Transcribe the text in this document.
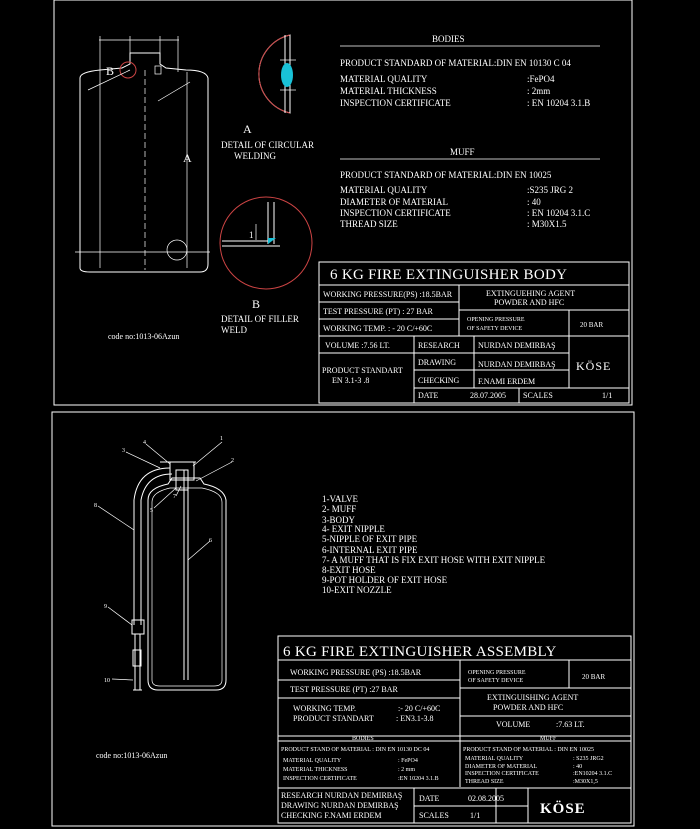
B
A
A
DETAIL OF CIRCULAR
WELDING
1
B
DETAIL OF FILLER
WELD
code no:1013-06Azun
BODIES
PRODUCT STANDARD OF MATERIAL:DIN EN 10130 C 04
MATERIAL QUALITY	:FePO4
MATERIAL THICKNESS	: 2mm
INSPECTION CERTIFICATE	: EN 10204 3.1.B
MUFF
PRODUCT STANDARD OF MATERIAL:DIN EN 10025
MATERIAL QUALITY	:S235 JRG 2
DIAMETER OF MATERIAL	: 40
INSPECTION CERTIFICATE	: EN 10204 3.1.C
THREAD SIZE	: M30X1.5
6 KG FIRE EXTINGUISHER BODY
WORKING PRESSURE(PS) :18.5BAR
TEST PRESSURE (PT) : 27 BAR
WORKING TEMP. : - 20 C/+60C
EXTINGUEHING AGENT
POWDER AND HFC
OPENING PRESSURE
OF SAFETY DEVICE	20 BAR
VOLUME :7.56 LT.
PRODUCT STANDART
EN 3.1-3 .8
RESEARCH NURDAN DEMIRBAŞ
DRAWING	NURDAN DEMIRBAŞ
CHECKING F.NAMI ERDEM
KÖSE
DATE	28.07.2005 SCALES	1/1
1
2
3
4
5
6
7
8
9
10
1-VALVE
2- MUFF
3-BODY
4- EXIT NIPPLE
5-NIPPLE OF EXIT PIPE
6-INTERNAL EXIT PIPE
7- A MUFF THAT IS FIX EXIT HOSE WITH EXIT NIPPLE
8-EXIT HOSE
9-POT HOLDER OF EXIT HOSE
10-EXIT NOZZLE
code no:1013-06Azun
6 KG FIRE EXTINGUISHER ASSEMBLY
WORKING PRESSURE (PS) :18.5BAR
TEST PRESSURE (PT) :27 BAR
WORKING TEMP.	:- 20 C/+60C
PRODUCT STANDART	: EN3.1-3.8
OPENING PRESSURE
OF SAFETY DEVICE	20 BAR
EXTINGUISHING AGENT
POWDER AND HFC
VOLUME	:7.63 LT.
BODIES	MUFF
PRODUCT STAND OF MATERIAL : DIN EN 10130 DC 04
MATERIAL QUALITY	: FePO4
MATERIAL THICKNESS	: 2 mm
INSPECTION CERTIFICATE	:EN 10204 3.1.B
PRODUCT STAND OF MATERIAL : DIN EN 10025
MATERIAL QUALITY	: S235 JRG2
DIAMETER OF MATERIAL	: 40
INSPECTION CERTIFICATE	:EN10204 3.1.C
THREAD SIZE	:M30X1,5
RESEARCH NURDAN DEMIRBAŞ
DRAWING NURDAN DEMIRBAŞ
CHECKING F.NAMI ERDEM
DATE	02.08.2005
SCALES	1/1	KÖSE
